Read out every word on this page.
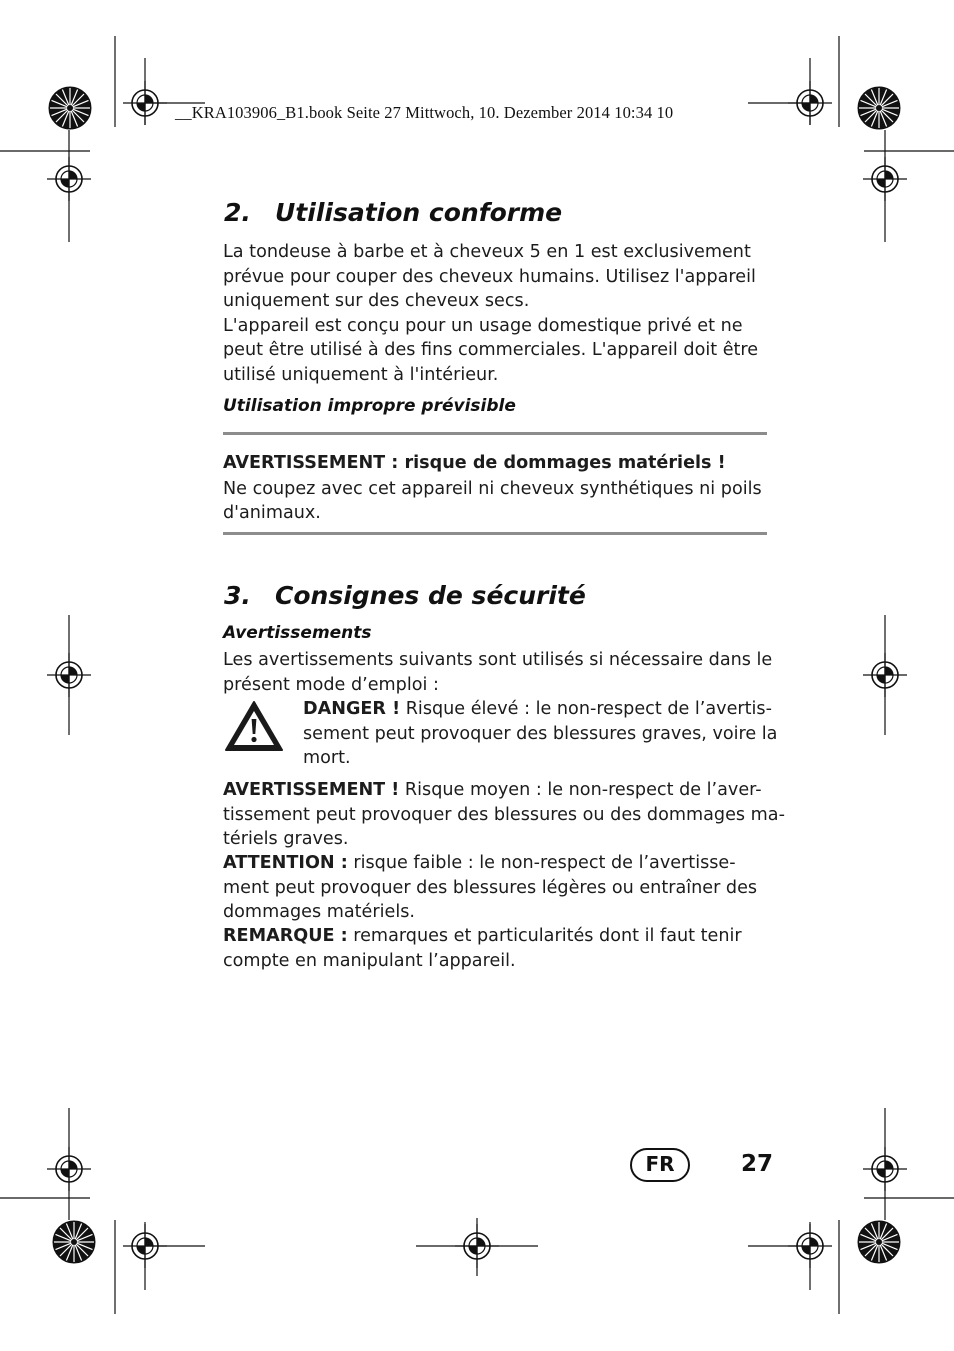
__KRA103906_B1.book Seite 27 Mittwoch, 10. Dezember 2014 10:34 10
2. Utilisation conforme
La tondeuse à barbe et à cheveux 5 en 1 est exclusivement
prévue pour couper des cheveux humains. Utilisez l'appareil
uniquement sur des cheveux secs.
L'appareil est conçu pour un usage domestique privé et ne
peut être utilisé à des fins commerciales. L'appareil doit être
utilisé uniquement à l'intérieur.
Utilisation impropre prévisible
AVERTISSEMENT : risque de dommages matériels !
Ne coupez avec cet appareil ni cheveux synthétiques ni poils
d'animaux.
3. Consignes de sécurité
Avertissements
Les avertissements suivants sont utilisés si nécessaire dans le
présent mode d’emploi :
DANGER ! Risque élevé : le non-respect de l’avertis-
sement peut provoquer des blessures graves, voire la
mort.
AVERTISSEMENT ! Risque moyen : le non-respect de l’aver-
tissement peut provoquer des blessures ou des dommages ma-
tériels graves.
ATTENTION : risque faible : le non-respect de l’avertisse-
ment peut provoquer des blessures légères ou entraîner des
dommages matériels.
REMARQUE : remarques et particularités dont il faut tenir
compte en manipulant l’appareil.
FR	27
